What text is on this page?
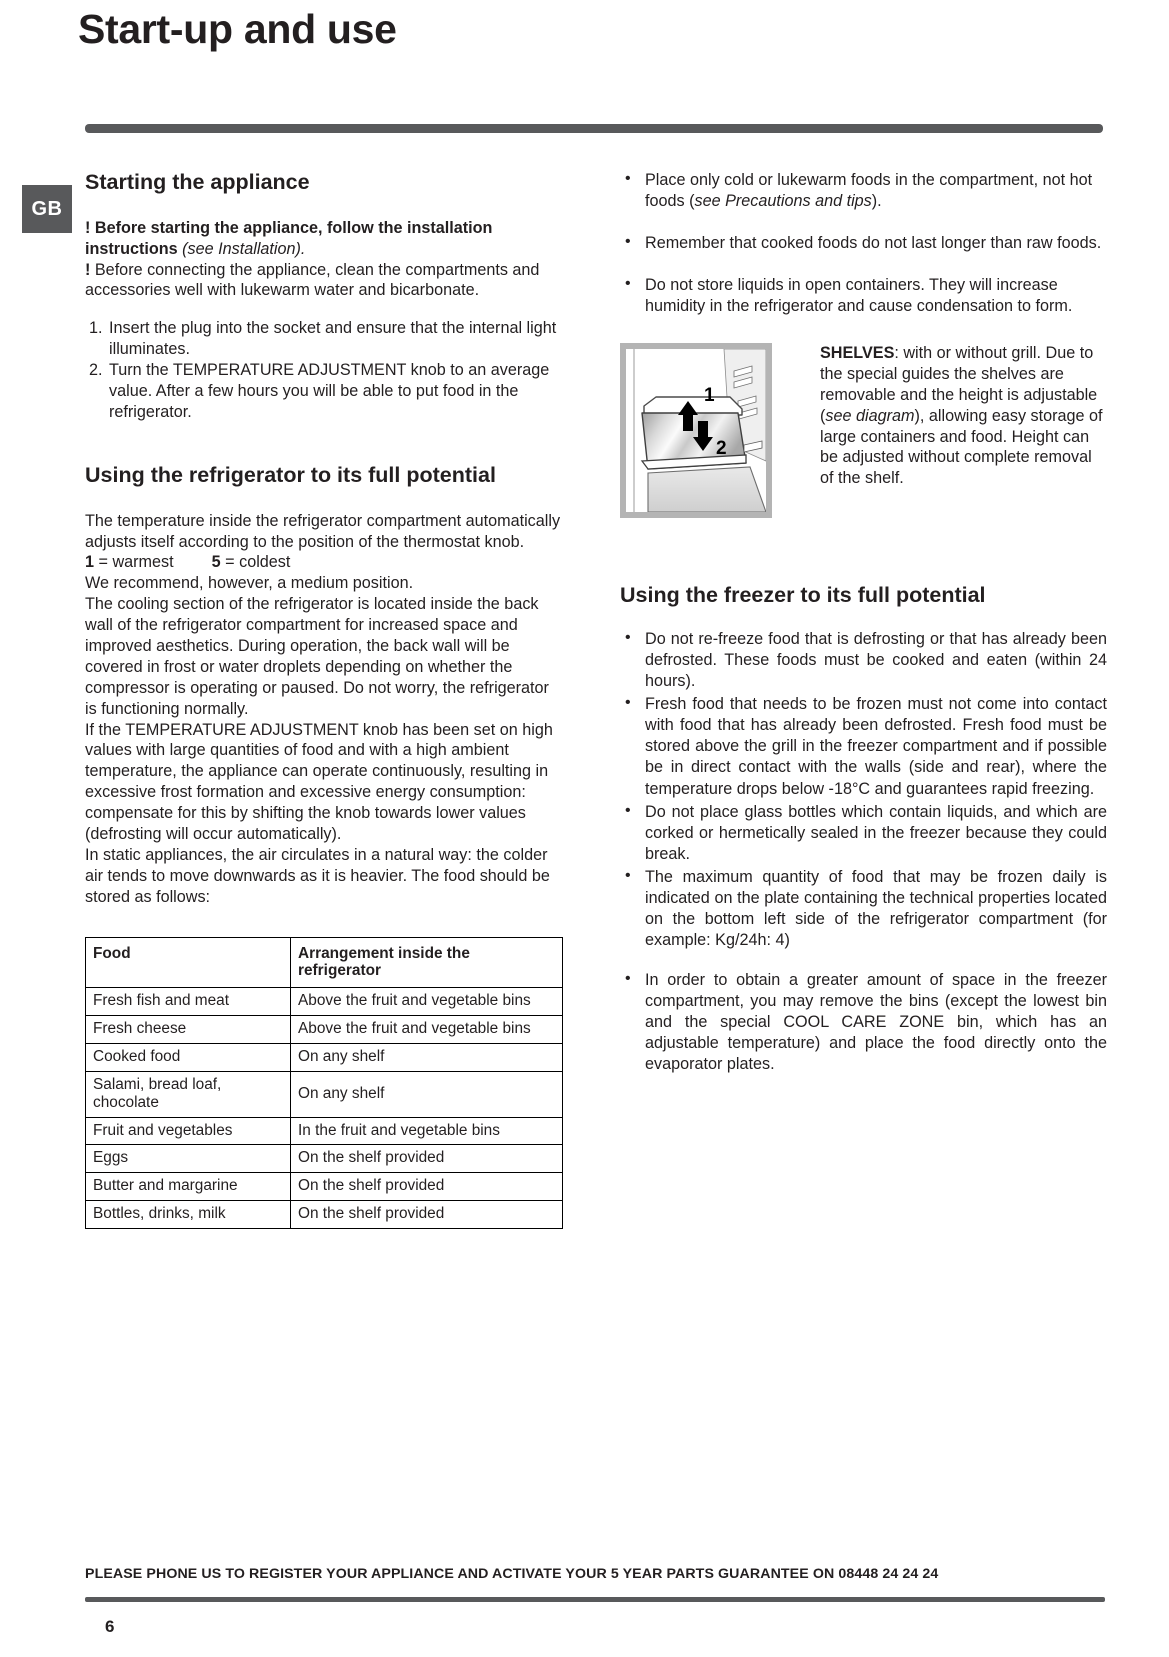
Start-up and use
GB
Starting the appliance

! Before starting the appliance, follow the installation instructions (see Installation).

! Before connecting the appliance, clean the compartments and accessories well with lukewarm water and bicarbonate.

1. Insert the plug into the socket and ensure that the internal light illuminates.
2. Turn the TEMPERATURE ADJUSTMENT knob to an average value. After a few hours you will be able to put food in the refrigerator.
Using the refrigerator to its full potential

The temperature inside the refrigerator compartment automatically adjusts itself according to the position of the thermostat knob.

1 = warmest 5 = coldest

We recommend, however, a medium position.

The cooling section of the refrigerator is located inside the back wall of the refrigerator compartment for increased space and improved aesthetics. During operation, the back wall will be covered in frost or water droplets depending on whether the compressor is operating or paused. Do not worry, the refrigerator is functioning normally.

If the TEMPERATURE ADJUSTMENT knob has been set on high values with large quantities of food and with a high ambient temperature, the appliance can operate continuously, resulting in excessive frost formation and excessive energy consumption: compensate for this by shifting the knob towards lower values (defrosting will occur automatically).

In static appliances, the air circulates in a natural way: the colder air tends to move downwards as it is heavier. The food should be stored as follows:

Food	Arrangement inside the refrigerator
Fresh fish and meat	Above the fruit and vegetable bins
Fresh cheese	Above the fruit and vegetable bins
Cooked food	On any shelf
Salami, bread loaf, chocolate	On any shelf
Fruit and vegetables	In the fruit and vegetable bins
Eggs	On the shelf provided
Butter and margarine	On the shelf provided
Bottles, drinks, milk	On the shelf provided
• Place only cold or lukewarm foods in the compartment, not hot foods (see Precautions and tips).
• Remember that cooked foods do not last longer than raw foods.
• Do not store liquids in open containers. They will increase humidity in the refrigerator and cause condensation to form.
1
2
SHELVES: with or without grill. Due to the special guides the shelves are removable and the height is adjustable (see diagram), allowing easy storage of large containers and food. Height can be adjusted without complete removal of the shelf.
Using the freezer to its full potential
• Do not re-freeze food that is defrosting or that has already been defrosted. These foods must be cooked and eaten (within 24 hours).
• Fresh food that needs to be frozen must not come into contact with food that has already been defrosted. Fresh food must be stored above the grill in the freezer compartment and if possible be in direct contact with the walls (side and rear), where the temperature drops below -18°C and guarantees rapid freezing.
• Do not place glass bottles which contain liquids, and which are corked or hermetically sealed in the freezer because they could break.
• The maximum quantity of food that may be frozen daily is indicated on the plate containing the technical properties located on the bottom left side of the refrigerator compartment (for example: Kg/24h: 4)
• In order to obtain a greater amount of space in the freezer compartment, you may remove the bins (except the lowest bin and the special COOL CARE ZONE bin, which has an adjustable temperature) and place the food directly onto the evaporator plates.
PLEASE PHONE US TO REGISTER YOUR APPLIANCE AND ACTIVATE YOUR 5 YEAR PARTS GUARANTEE ON 08448 24 24 24
6
